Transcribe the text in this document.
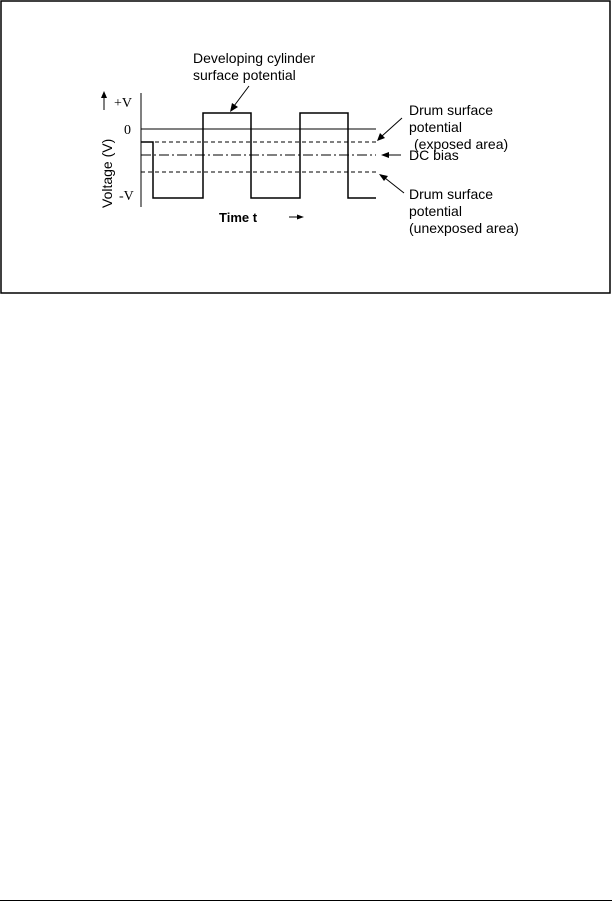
+V
0
-V
Voltage (V)
Time t
Developing cylinder
surface potential
Drum surface
potential
(exposed area)
DC bias
Drum surface
potential
(unexposed area)
